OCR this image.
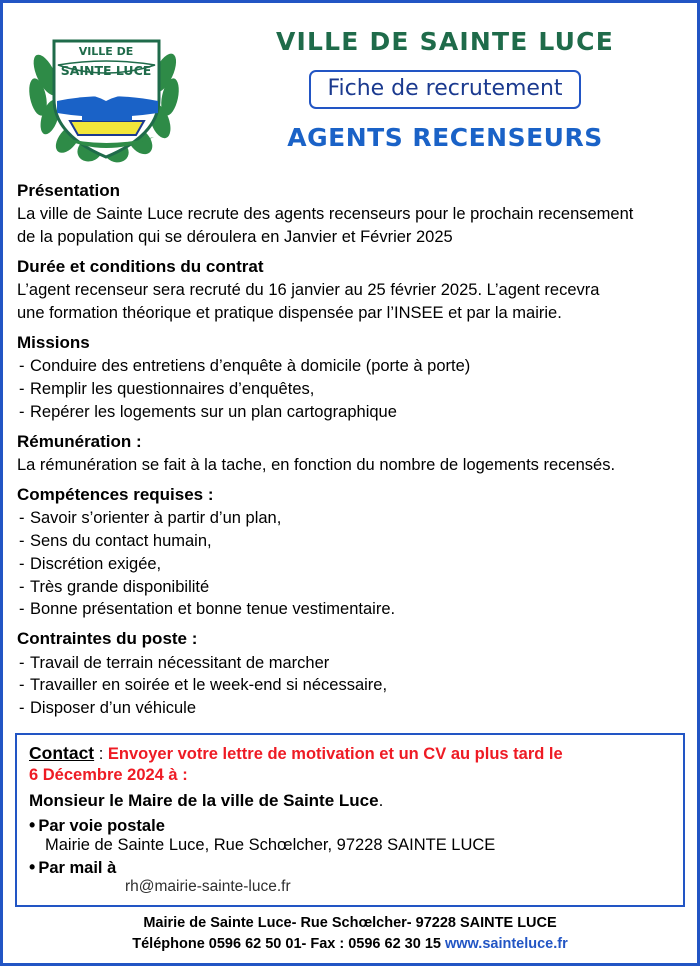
VILLE DE
SAINTE LUCE
VILLE DE SAINTE LUCE
Fiche de recrutement
AGENTS RECENSEURS
Présentation
La ville de Sainte Luce recrute des agents recenseurs pour le prochain recensement
de la population qui se déroulera en Janvier et Février 2025
Durée et conditions du contrat
L’agent recenseur sera recruté du 16 janvier au 25 février 2025. L’agent recevra
une formation théorique et pratique dispensée par l’INSEE et par la mairie.
Missions
- Conduire des entretiens d’enquête à domicile (porte à porte)
- Remplir les questionnaires d’enquêtes,
- Repérer les logements sur un plan cartographique
Rémunération :
La rémunération se fait à la tache, en fonction du nombre de logements recensés.
Compétences requises :
- Savoir s’orienter à partir d’un plan,
- Sens du contact humain,
- Discrétion exigée,
- Très grande disponibilité
- Bonne présentation et bonne tenue vestimentaire.
Contraintes du poste :
- Travail de terrain nécessitant de marcher
- Travailler en soirée et le week-end si nécessaire,
- Disposer d’un véhicule
Contact : Envoyer votre lettre de motivation et un CV au plus tard le
6 Décembre 2024 à :
Monsieur le Maire de la ville de Sainte Luce.
• Par voie postale
Mairie de Sainte Luce, Rue Schœlcher, 97228 SAINTE LUCE
• Par mail à
rh@mairie-sainte-luce.fr
Mairie de Sainte Luce- Rue Schœlcher- 97228 SAINTE LUCE
Téléphone 0596 62 50 01- Fax : 0596 62 30 15 www.sainteluce.fr
